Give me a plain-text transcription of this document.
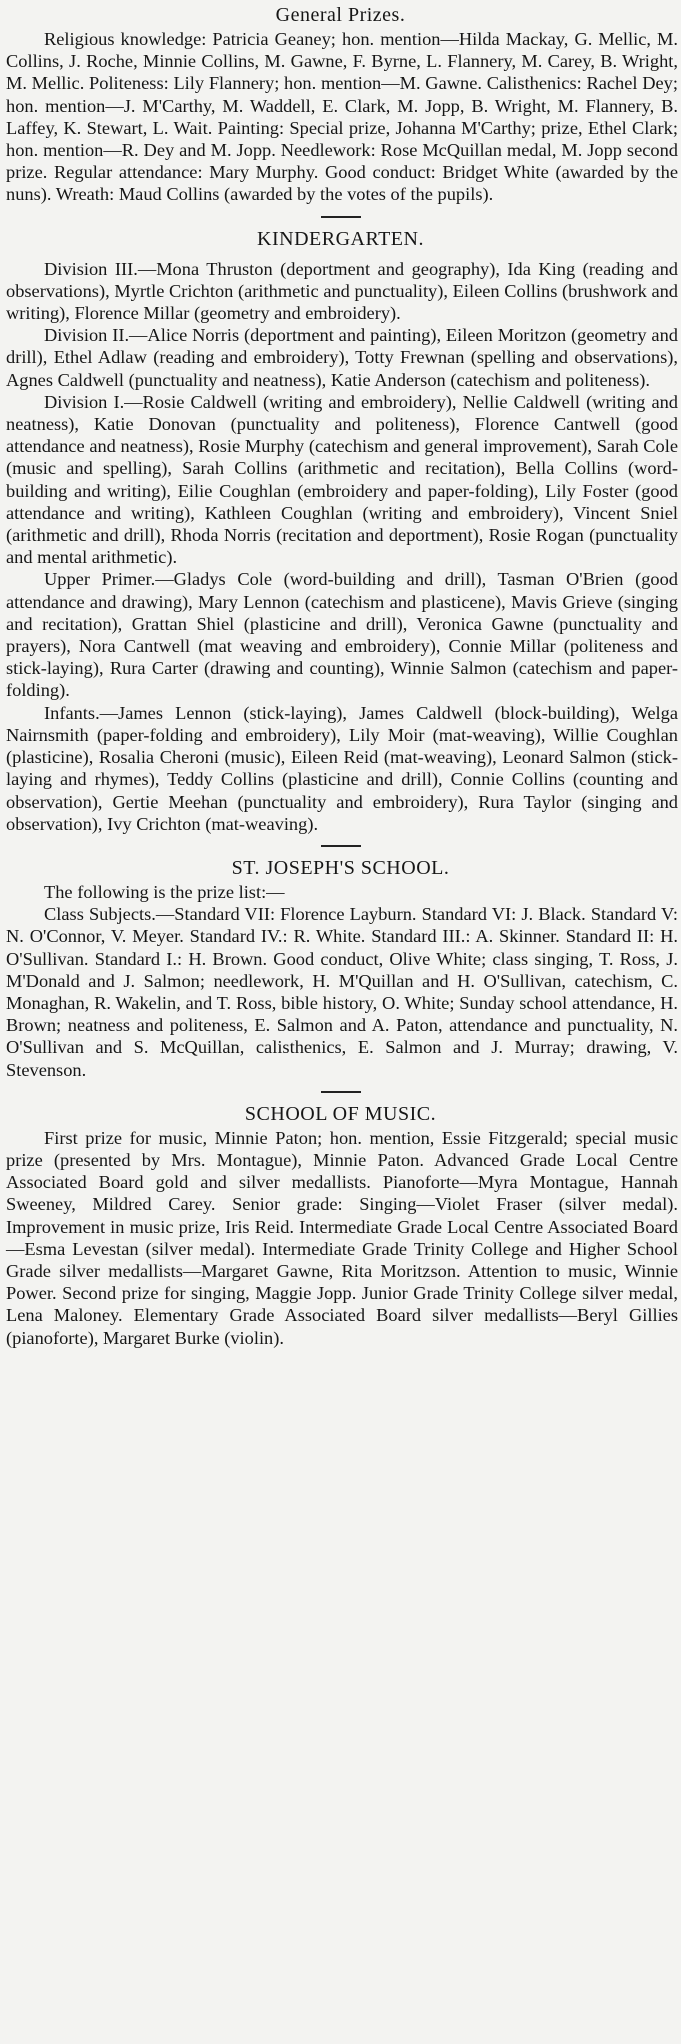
General Prizes.

Religious knowledge: Patricia Geaney; hon. mention—Hilda Mackay, G. Mellic, M. Collins, J. Roche, Minnie Collins, M. Gawne, F. Byrne, L. Flannery, M. Carey, B. Wright, M. Mellic. Politeness: Lily Flannery; hon. mention—M. Gawne. Calisthenics: Rachel Dey; hon. mention—J. M'Carthy, M. Waddell, E. Clark, M. Jopp, B. Wright, M. Flannery, B. Laffey, K. Stewart, L. Wait. Painting: Special prize, Johanna M'Carthy; prize, Ethel Clark; hon. mention—R. Dey and M. Jopp. Needlework: Rose McQuillan medal, M. Jopp second prize. Regular attendance: Mary Murphy. Good conduct: Bridget White (awarded by the nuns). Wreath: Maud Collins (awarded by the votes of the pupils).

KINDERGARTEN.

Division III.—Mona Thruston (deportment and geography), Ida King (reading and observations), Myrtle Crichton (arithmetic and punctuality), Eileen Collins (brushwork and writing), Florence Millar (geometry and embroidery).

Division II.—Alice Norris (deportment and painting), Eileen Moritzon (geometry and drill), Ethel Adlaw (reading and embroidery), Totty Frewnan (spelling and observations), Agnes Caldwell (punctuality and neatness), Katie Anderson (catechism and politeness).

Division I.—Rosie Caldwell (writing and embroidery), Nellie Caldwell (writing and neatness), Katie Donovan (punctuality and politeness), Florence Cantwell (good attendance and neatness), Rosie Murphy (catechism and general improvement), Sarah Cole (music and spelling), Sarah Collins (arithmetic and recitation), Bella Collins (word-building and writing), Eilie Coughlan (embroidery and paper-folding), Lily Foster (good attendance and writing), Kathleen Coughlan (writing and embroidery), Vincent Sniel (arithmetic and drill), Rhoda Norris (recitation and deportment), Rosie Rogan (punctuality and mental arithmetic).

Upper Primer.—Gladys Cole (word-building and drill), Tasman O'Brien (good attendance and drawing), Mary Lennon (catechism and plasticene), Mavis Grieve (singing and recitation), Grattan Shiel (plasticine and drill), Veronica Gawne (punctuality and prayers), Nora Cantwell (mat weaving and embroidery), Connie Millar (politeness and stick-laying), Rura Carter (drawing and counting), Winnie Salmon (catechism and paper-folding).

Infants.—James Lennon (stick-laying), James Caldwell (block-building), Welga Nairnsmith (paper-folding and embroidery), Lily Moir (mat-weaving), Willie Coughlan (plasticine), Rosalia Cheroni (music), Eileen Reid (mat-weaving), Leonard Salmon (stick-laying and rhymes), Teddy Collins (plasticine and drill), Connie Collins (counting and observation), Gertie Meehan (punctuality and embroidery), Rura Taylor (singing and observation), Ivy Crichton (mat-weaving).

ST. JOSEPH'S SCHOOL.

The following is the prize list:—

Class Subjects.—Standard VII: Florence Layburn. Standard VI: J. Black. Standard V: N. O'Connor, V. Meyer. Standard IV.: R. White. Standard III.: A. Skinner. Standard II: H. O'Sullivan. Standard I.: H. Brown. Good conduct, Olive White; class singing, T. Ross, J. M'Donald and J. Salmon; needlework, H. M'Quillan and H. O'Sullivan, catechism, C. Monaghan, R. Wakelin, and T. Ross, bible history, O. White; Sunday school attendance, H. Brown; neatness and politeness, E. Salmon and A. Paton, attendance and punctuality, N. O'Sullivan and S. McQuillan, calisthenics, E. Salmon and J. Murray; drawing, V. Stevenson.

SCHOOL OF MUSIC.

First prize for music, Minnie Paton; hon. mention, Essie Fitzgerald; special music prize (presented by Mrs. Montague), Minnie Paton. Advanced Grade Local Centre Associated Board gold and silver medallists. Pianoforte—Myra Montague, Hannah Sweeney, Mildred Carey. Senior grade: Singing—Violet Fraser (silver medal). Improvement in music prize, Iris Reid. Intermediate Grade Local Centre Associated Board—Esma Levestan (silver medal). Intermediate Grade Trinity College and Higher School Grade silver medallists—Margaret Gawne, Rita Moritzson. Attention to music, Winnie Power. Second prize for singing, Maggie Jopp. Junior Grade Trinity College silver medal, Lena Maloney. Elementary Grade Associated Board silver medallists—Beryl Gillies (pianoforte), Margaret Burke (violin).
